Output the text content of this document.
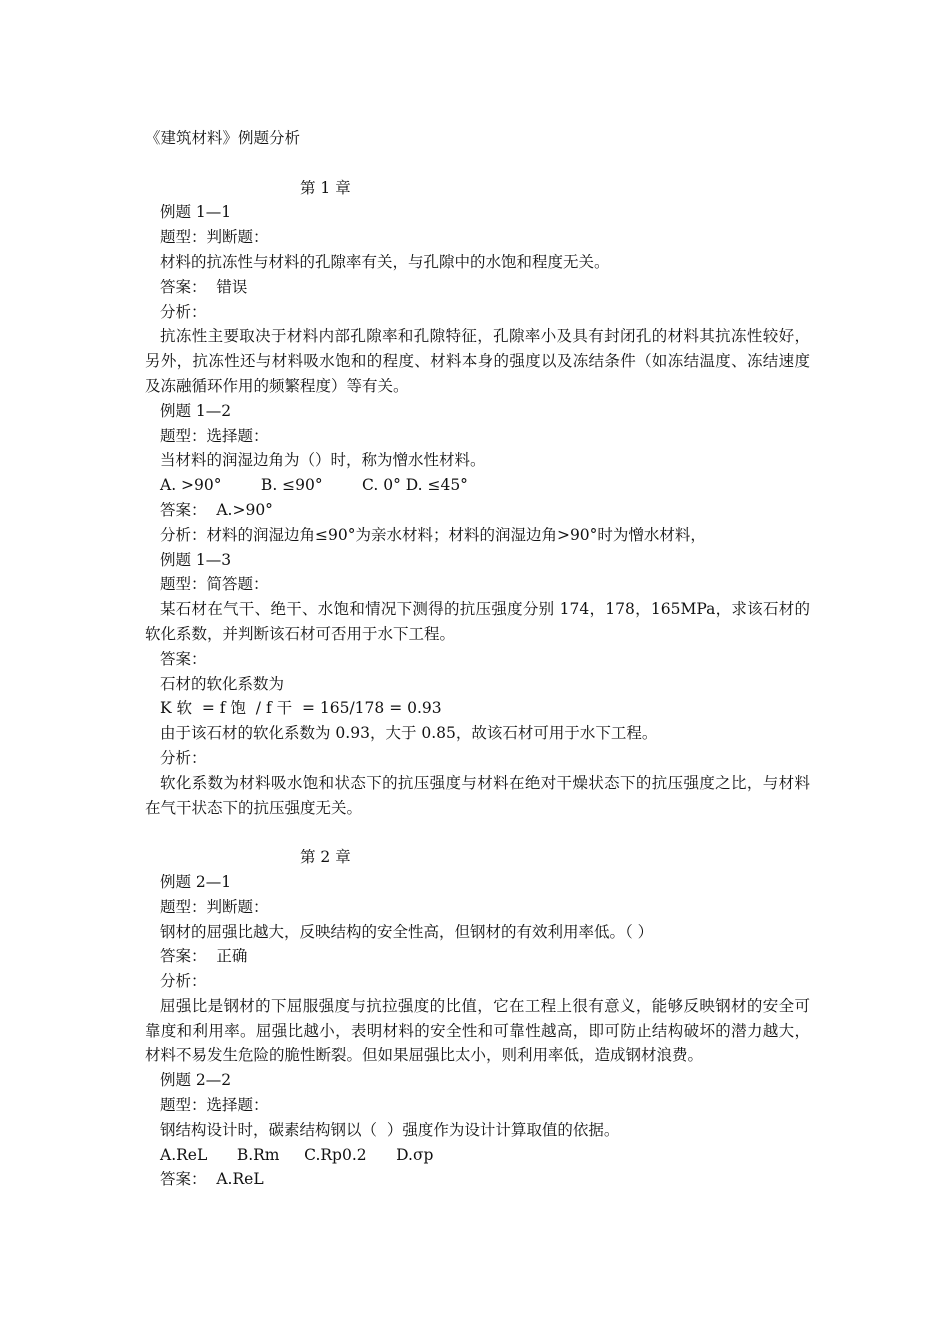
《建筑材料》例题分析
第 1 章
例题 1—1
题型：判断题：
材料的抗冻性与材料的孔隙率有关，与孔隙中的水饱和程度无关。
答案：  错误
分析：
抗冻性主要取决于材料内部孔隙率和孔隙特征，孔隙率小及具有封闭孔的材料其抗冻性较好，另外，抗冻性还与材料吸水饱和的程度、材料本身的强度以及冻结条件（如冻结温度、冻结速度及冻融循环作用的频繁程度）等有关。
例题 1—2
题型：选择题：
当材料的润湿边角为（）时，称为憎水性材料。
A. >90°        B. ≤90°        C. 0° D. ≤45°
答案：  A.>90°
分析：材料的润湿边角≤90°为亲水材料；材料的润湿边角>90°时为憎水材料，
例题 1—3
题型：简答题：
某石材在气干、绝干、水饱和情况下测得的抗压强度分别 174，178，165MPa，求该石材的软化系数，并判断该石材可否用于水下工程。
答案：
石材的软化系数为
K 软  = f 饱  / f 干  = 165/178 = 0.93
由于该石材的软化系数为 0.93，大于 0.85，故该石材可用于水下工程。
分析：
软化系数为材料吸水饱和状态下的抗压强度与材料在绝对干燥状态下的抗压强度之比，与材料在气干状态下的抗压强度无关。
第 2 章
例题 2—1
题型：判断题：
钢材的屈强比越大，反映结构的安全性高，但钢材的有效利用率低。（ ）
答案：  正确
分析：
屈强比是钢材的下屈服强度与抗拉强度的比值，它在工程上很有意义，能够反映钢材的安全可靠度和利用率。屈强比越小，表明材料的安全性和可靠性越高，即可防止结构破坏的潜力越大，材料不易发生危险的脆性断裂。但如果屈强比太小，则利用率低，造成钢材浪费。
例题 2—2
题型：选择题：
钢结构设计时，碳素结构钢以（  ）强度作为设计计算取值的依据。
A.ReL      B.Rm     C.Rp0.2      D.σp
答案：  A.ReL
